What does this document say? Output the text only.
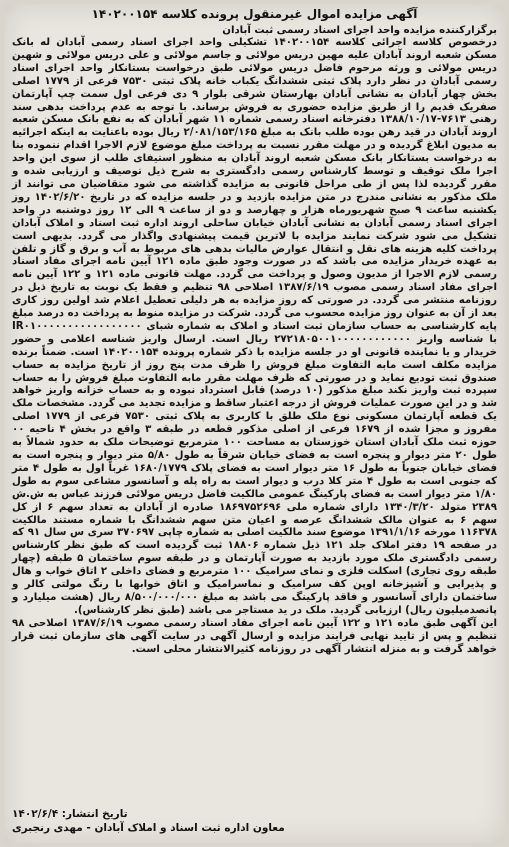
آگهی مزایده اموال غیرمنقول پرونده کلاسه ۱۴۰۲۰۰۱۵۴
برگزارکننده مزایده واحد اجرای اسناد رسمی ثبت آبادان
درخصوص کلاسه اجرائی کلاسه ۱۴۰۲۰۰۱۵۴ تشکیلی واحد اجرای اسناد رسمی آبادان له بانک مسکن شعبه اروند آبادان علیه مهین دریس مولائی و جاسم مولائی و علی دریس مولائی و شهین دریس مولائی و ورثه مرحوم فاضل دریس مولائی طبق درخواست بستانکار واحد اجرای اسناد رسمی آبادان در نظر دارد پلاک ثبتی ششدانگ یکباب خانه پلاک ثبتی ۷۵۳۰ فرعی از ۱۷۷۹ اصلی بخش چهار آبادان به نشانی آبادان بهارستان شرقی بلوار ۹ دی فرعی اول سمت چپ آپارتمان صفریک قدیم را از طریق مزایده حضوری به فروش برساند. با توجه به عدم پرداخت بدهی سند رهنی ۷۶۱۳-۱۳۸۸/۱۰/۱۷ دفترخانه اسناد رسمی شماره ۱۱ شهر آبادان که به نفع بانک مسکن شعبه اروند آبادان در قید رهن بوده طلب بانک به مبلغ ۲/۰۸۱/۱۵۳/۱۶۵ ریال بوده باعنایت به اینکه اجرائیه به مدیون ابلاغ گردیده و در مهلت مقرر نسبت به پرداخت مبلغ موضوع لازم الاجرا اقدام ننموده بنا به درخواست بستانکار بانک مسکن شعبه اروند آبادان به منظور استیفای طلب از سوی این واحد اجرا ملک توقیف و توسط کارشناس رسمی دادگستری به شرح ذیل توصیف و ارزیابی شده و مقرر گردیده لذا پس از طی مراحل قانونی به مزایده گذاشته می شود متقاضیان می توانند از ملک مذکور به نشانی مندرج در متن مزایده بازدید و در جلسه مزایده که در تاریخ ۱۴۰۲/۶/۲۰ روز یکشنبه ساعت ۹ صبح شهریورماه هزار و چهارصد و دو از ساعت ۹ الی ۱۲ روز دوشنبه در واحد اجرای اسناد رسمی آبادان به نشانی آبادان خیابان ساحلی اروند اداره ثبت اسناد و املاک آبادان تشکیل می شود شرکت نمایند مزایده با لاترین قیمت پیشنهادی واگذار می گردد. بدیهی است پرداخت کلیه هزینه های نقل و انتقال عوارض مالیات بدهی های مربوط به آب و برق و گاز و تلفن به عهده خریدار مزایده می باشد که در صورت وجود طبق ماده ۱۲۱ آیین نامه اجرای مفاد اسناد رسمی لازم الاجرا از مدیون وصول و پرداخت می گردد. مهلت قانونی ماده ۱۲۱ و ۱۲۲ آیین نامه اجرای مفاد اسناد رسمی مصوب ۱۳۸۷/۶/۱۹ اصلاحی ۹۸ تنظیم و فقط یک نوبت به تاریخ ذیل در روزنامه منتشر می گردد. در صورتی که روز مزایده به هر دلیلی تعطیل اعلام شد اولین روز کاری بعد از آن به عنوان روز مزایده محسوب می گردد. شرکت در مزایده منوط به پرداخت ده درصد مبلغ پایه کارشناسی به حساب سازمان ثبت اسناد و املاک به شماره شبای IR۰۱۰۰۰۰۰۰۰۰۰۰۰۰۰۰۰۰۰ با شناسه واریز ۲۷۲۱۸۰۵۰۰۱۰۰۰۰۰۰۰۰۰۰۰۰ ریال است. ارسال واریز شناسه اعلامی و حضور خریدار و یا نماینده قانونی او در جلسه مزایده با ذکر شماره پرونده ۱۴۰۲۰۰۱۵۴ است. ضمناً برنده مزایده مکلف است مابه التفاوت مبلغ فروش را ظرف مدت پنج روز از تاریخ مزایده به حساب صندوق ثبت تودیع نماید و در صورتی که ظرف مهلت مقرر مابه التفاوت مبلغ فروش را به حساب سپرده ثبت واریز نکند مبلغ مذکور (۱۰ درصد) قابل استرداد نبوده و به حساب خزانه واریز خواهد شد و در این صورت عملیات فروش از درجه اعتبار ساقط و مزایده تجدید می گردد. مشخصات ملک یک قطعه آپارتمان مسکونی نوع ملک طلق با کاربری به پلاک ثبتی ۷۵۳۰ فرعی از ۱۷۷۹ اصلی مفروز و مجزا شده از ۱۶۷۹ فرعی از اصلی مذکور قطعه در طبقه ۳ واقع در بخش ۴ ناحیه ۰۰ حوزه ثبت ملک آبادان استان خوزستان به مساحت ۱۰۰ مترمربع توضیحات ملک به حدود شمالاً به طول ۲۰ متر دیوار و پنجره است به فضای خیابان شرقاً به طول ۵/۸۰ متر دیوار و پنجره است به فضای خیابان جنوباً به طول ۱۶ متر دیوار است به فضای پلاک ۱۶۸۰/۱۷۷۹ غرباً اول به طول ۴ متر که جنوبی است به طول ۴ متر کلا درب و دیوار است به راه پله و آسانسور مشاعی سوم به طول ۱/۸۰ متر دیوار است به فضای پارکینگ عمومی مالکیت فاضل دریس مولائی فرزند عباس به ش.ش ۲۳۸۹ متولد ۱۳۴۰/۳/۲۰ دارای شماره ملی ۱۸۶۹۷۵۲۶۹۶ صادره از آبادان به تعداد سهم ۶ از کل سهم ۶ به عنوان مالک ششدانگ عرصه و اعیان متن سهم ششدانگ با شماره مستند مالکیت ۱۱۶۳۷۸ مورخه ۱۳۹۱/۱/۱۶ موضوع سند مالکیت اصلی به شماره چاپی ۳۷۰۶۹۷ سری س سال ۹۱ که در صفحه ۱۹ دفتر املاک جلد ۱۲۱ ذیل شماره ۱۸۸۰۶ ثبت گردیده است که طبق نظر کارشناس رسمی دادگستری ملک مورد بازدید به صورت آپارتمان و در طبقه سوم ساختمان ۵ طبقه (چهار طبقه روی تجاری) اسکلت فلزی و نمای سرامیک ۱۰۰ مترمربع و فضای داخلی ۲ اتاق خواب و هال و پذیرایی و آشپزخانه اوپن کف سرامیک و نماسرامیک و اتاق خوابها با رنگ مولتی کالر و ساختمان دارای آسانسور و فاقد پارکینگ می باشد به مبلغ ۸/۵۰۰/۰۰۰/۰۰۰ ریال (هشت میلیارد و پانصدمیلیون ریال) ارزیابی گردید. ملک در ید مستاجر می باشد (طبق نظر کارشناس).
این آگهی طبق ماده ۱۲۱ و ۱۲۲ آیین نامه اجرای مفاد اسناد رسمی مصوب ۱۳۸۷/۶/۱۹ اصلاحی ۹۸ تنظیم و پس از تایید نهایی فرایند مزایده و ارسال آگهی در سایت آگهی های سازمان ثبت قرار خواهد گرفت و به منزله انتشار آگهی در روزنامه کثیرالانتشار محلی است.
تاریخ انتشار: ۱۴۰۲/۶/۴
معاون اداره ثبت اسناد و املاک آبادان - مهدی رنجبری
